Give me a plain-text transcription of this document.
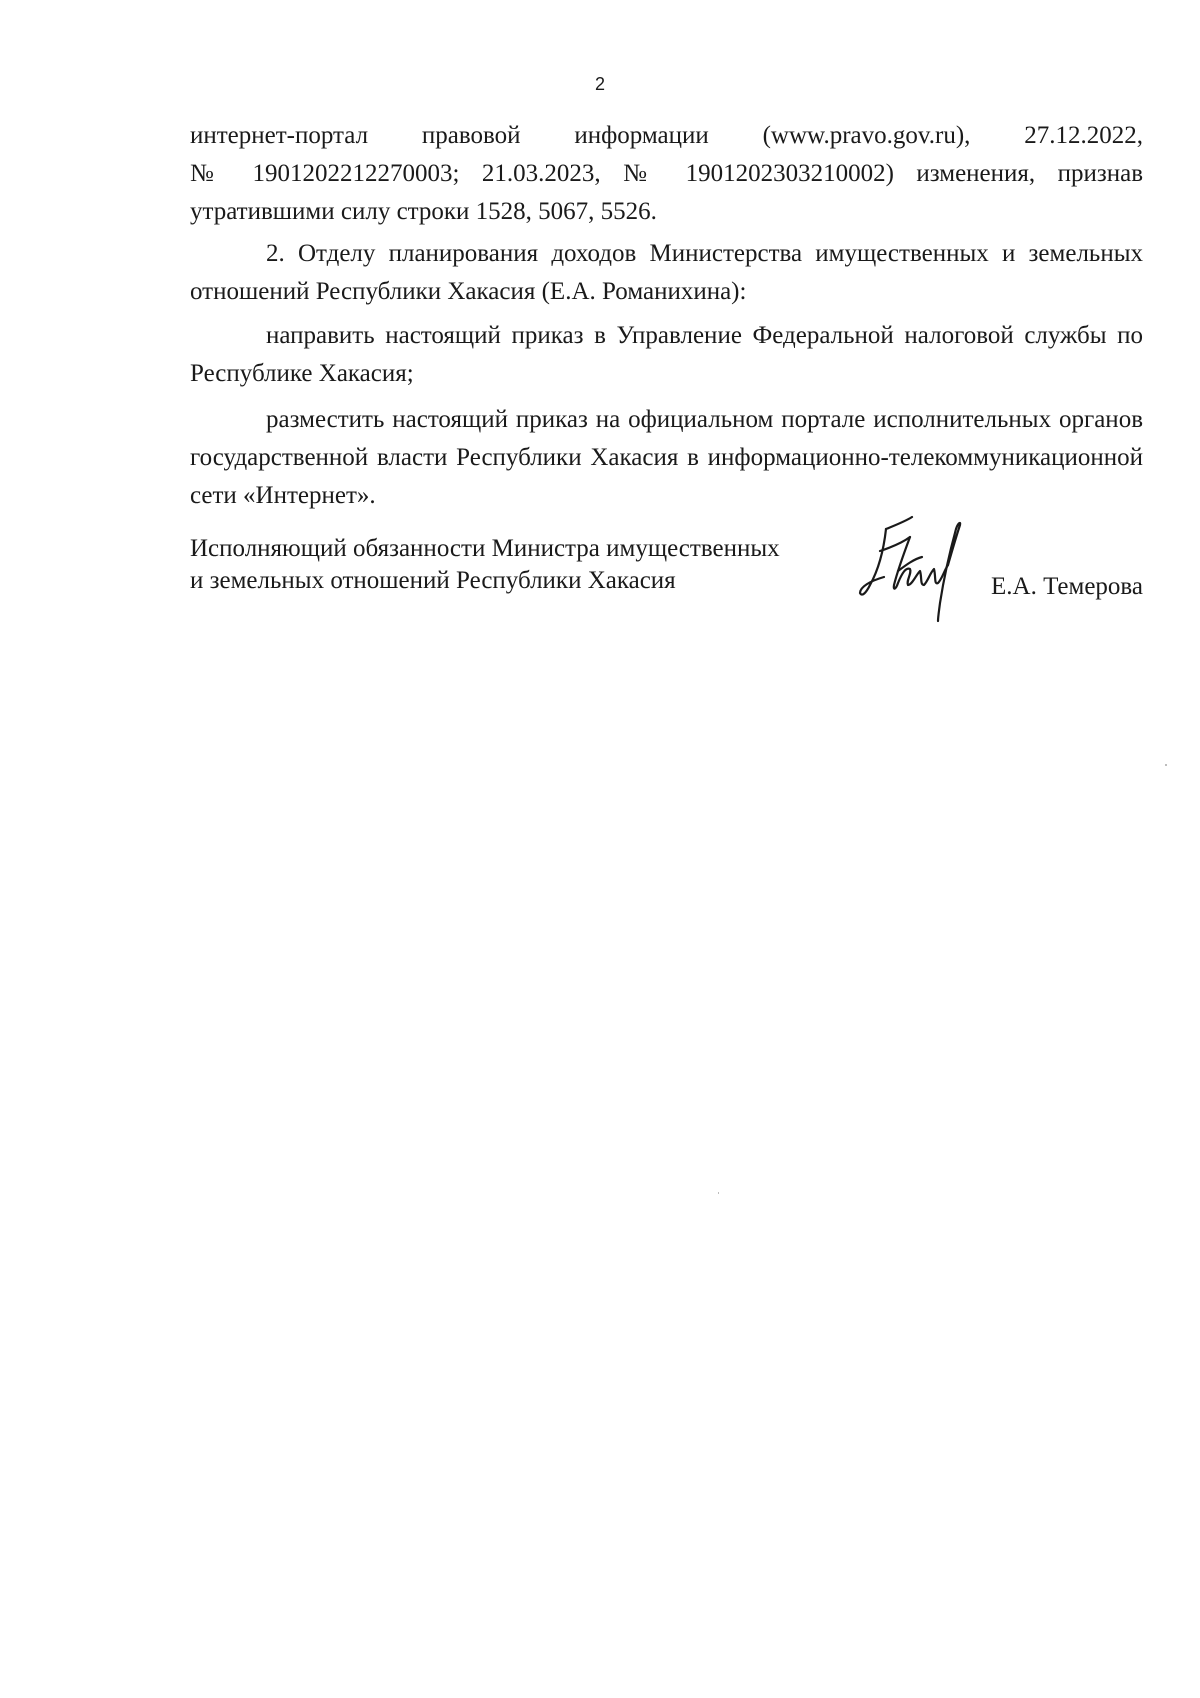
2

интернет-портал правовой информации (www.pravo.gov.ru), 27.12.2022,
№ 1901202212270003; 21.03.2023, № 1901202303210002) изменения, признав
утратившими силу строки 1528, 5067, 5526.

2. Отделу планирования доходов Министерства имущественных и земельных отношений Республики Хакасия (Е.А. Романихина):

направить настоящий приказ в Управление Федеральной налоговой службы по Республике Хакасия;

разместить настоящий приказ на официальном портале исполнительных органов государственной власти Республики Хакасия в информационно-телекоммуникационной сети «Интернет».

Исполняющий обязанности Министра имущественных
и земельных отношений Республики Хакасия	Е.А. Темерова
